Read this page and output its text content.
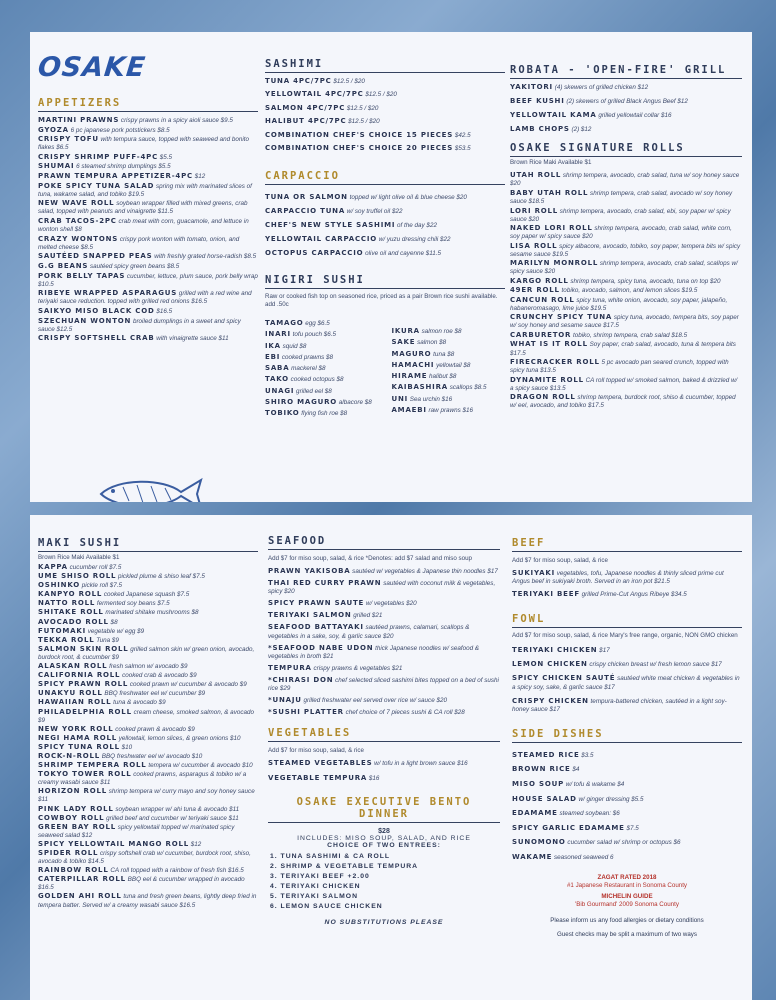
OSAKE
APPETIZERS
MARTINI PRAWNS crispy prawns in a spicy aioli sauce $9.5
GYOZA 6 pc japanese pork potstickers $8.5
CRISPY TOFU with tempura sauce, topped with seaweed and bonito flakes $6.5
CRISPY SHRIMP PUFF-4PC $5.5
SHUMAI 6 steamed shrimp dumplings $5.5
PRAWN TEMPURA APPETIZER-4PC $12
POKE SPICY TUNA SALAD spring mix with marinated slices of tuna, wakame salad, and tobiko $19.5
NEW WAVE ROLL soybean wrapper filled with mixed greens, crab salad, topped with peanuts and vinaigrette $11.5
CRAB TACOS-2PC crab meat with corn, guacamole, and lettuce in wonton shell $8
CRAZY WONTONS crispy pork wonton with tomato, onion, and melted cheese $8.5
SAUTÉED SNAPPED PEAS with freshly grated horse-radish $8.5
G.G BEANS sautéed spicy green beans $8.5
PORK BELLY TAPAS cucumber, lettuce, plum sauce, pork belly wrap $10.5
RIBEYE WRAPPED ASPARAGUS grilled with a red wine and teriyaki sauce reduction. topped with grilled red onions $16.5
SAIKYO MISO BLACK COD $16.5
SZECHUAN WONTON broiled dumplings in a sweet and spicy sauce $12.5
CRISPY SOFTSHELL CRAB with vinaigrette sauce $11
SASHIMI
TUNA 4PC/7PC $12.5 / $20
YELLOWTAIL 4PC/7PC $12.5 / $20
SALMON 4PC/7PC $12.5 / $20
HALIBUT 4PC/7PC $12.5 / $20
COMBINATION CHEF'S CHOICE 15 PIECES $42.5
COMBINATION CHEF'S CHOICE 20 PIECES $53.5
CARPACCIO
TUNA OR SALMON topped w/ light olive oil & blue cheese $20
CARPACCIO TUNA w/ soy truffel oil $22
CHEF'S NEW STYLE SASHIMI of the day $22
YELLOWTAIL CARPACCIO w/ yuzu dressing chili $22
OCTOPUS CARPACCIO olive oil and cayenne $11.5
NIGIRI SUSHI
Raw or cooked fish top on seasoned rice, priced as a pair Brown rice sushi available. add .50c
TAMAGO egg $6.5
INARI tofu pouch $6.5
IKA squid $8
EBI cooked prawns $8
SABA mackerel $8
TAKO cooked octopus $8
UNAGI grilled eel $8
SHIRO MAGURO albacore $8
TOBIKO flying fish roe $8
IKURA salmon roe $8
SAKE salmon $8
MAGURO tuna $8
HAMACHI yellowtail $8
HIRAME halibut $8
KAIBASHIRA scallops $8.5
UNI Sea urchin $16
AMAEBI raw prawns $16
ROBATA - 'OPEN-FIRE' GRILL
YAKITORI (4) skewers of grilled chicken $12
BEEF KUSHI (2) skewers of grilled Black Angus Beef $12
YELLOWTAIL KAMA grilled yellowtail collar $16
LAMB CHOPS (2) $12
OSAKE SIGNATURE ROLLS
Brown Rice Maki Available $1
UTAH ROLL shrimp tempera, avocado, crab salad, tuna w/ soy honey sauce $20
BABY UTAH ROLL shrimp tempera, crab salad, avocado w/ soy honey sauce $18.5
LORI ROLL shrimp tempera, avocado, crab salad, ebi, soy paper w/ spicy sauce $20
NAKED LORI ROLL shrimp tempera, avocado, crab salad, white corn, soy paper w/ spicy sauce $20
LISA ROLL spicy albacore, avocado, tobiko, soy paper, tempera bits w/ spicy sesame sauce $19.5
MARILYN MONROLL shrimp tempera, avocado, crab salad, scallops w/ spicy sauce $20
KARGO ROLL shrimp tempera, spicy tuna, avocado, tuna on top $20
49ER ROLL tobiko, avocado, salmon, and lemon slices $19.5
CANCUN ROLL spicy tuna, white onion, avocado, soy paper, jalapeño, habaneromasago, lime juice $19.5
CRUNCHY SPICY TUNA spicy tuna, avocado, tempera bits, soy paper w/ soy honey and sesame sauce $17.5
CARBURETOR tobiko, shrimp tempera, crab salad $18.5
WHAT IS IT ROLL Soy paper, crab salad, avocado, tuna & tempera bits $17.5
FIRECRACKER ROLL 5 pc avocado pan seared crunch, topped with spicy tuna $13.5
DYNAMITE ROLL CA roll topped w/ smoked salmon, baked & drizzled w/ a spicy sauce $13.5
DRAGON ROLL shrimp tempera, burdock root, shiso & cucumber, topped w/ eel, avocado, and tobiko $17.5
MAKI SUSHI
Brown Rice Maki Available $1
KAPPA cucumber roll $7.5
UME SHISO ROLL pickled plume & shiso leaf $7.5
OSHINKO pickle roll $7.5
KANPYO ROLL cooked Japanese squash $7.5
NATTO ROLL fermented soy beans $7.5
SHITAKE ROLL marinated shitake mushrooms $8
AVOCADO ROLL $8
FUTOMAKI vegetable w/ egg $9
TEKKA ROLL Tuna $9
SALMON SKIN ROLL grilled salmon skin w/ green onion, avocado, burdock root, & cucumber $9
ALASKAN ROLL fresh salmon w/ avocado $9
CALIFORNIA ROLL cooked crab & avocado $9
SPICY PRAWN ROLL cooked prawn w/ cucumber & avocado $9
UNAKYU ROLL BBQ freshwater eel w/ cucumber $9
HAWAIIAN ROLL tuna & avocado $9
PHILADELPHIA ROLL cream cheese, smoked salmon, & avocado $9
NEW YORK ROLL cooked prawn & avocado $9
NEGI HAMA ROLL yellowtail, lemon slices, & green onions $10
SPICY TUNA ROLL $10
ROCK-N-ROLL BBQ freshwater eel w/ avocado $10
SHRIMP TEMPERA ROLL tempera w/ cucumber & avocado $10
TOKYO TOWER ROLL cooked prawns, asparagus & tobiko w/ a creamy wasabi sauce $11
HORIZON ROLL shrimp tempera w/ curry mayo and soy honey sauce $11
PINK LADY ROLL soybean wrapper w/ ahi tuna & avocado $11
COWBOY ROLL grilled beef and cucumber w/ teriyaki sauce $11
GREEN BAY ROLL spicy yellowtail topped w/ marinated spicy seaweed salad $12
SPICY YELLOWTAIL MANGO ROLL $12
SPIDER ROLL crispy softshell crab w/ cucumber, burdock root, shiso, avocado & tobiko $14.5
RAINBOW ROLL CA roll topped with a rainbow of fresh fish $16.5
CATERPILLAR ROLL BBQ eel & cucumber wrapped in avocado $16.5
GOLDEN AHI ROLL tuna and fresh green beans, lightly deep fried in tempera batter. Served w/ a creamy wasabi sauce $16.5
SEAFOOD
Add $7 for miso soup, salad, & rice *Denotes: add $7 salad and miso soup
PRAWN YAKISOBA sautéed w/ vegetables & Japanese thin noodles $17
THAI RED CURRY PRAWN sautéed with coconut milk & vegetables, spicy $20
SPICY PRAWN SAUTE w/ vegetables $20
TERIYAKI SALMON grilled $21
SEAFOOD BATTAYAKI sautéed prawns, calamari, scallops & vegetables in a sake, soy, & garlic sauce $20
*SEAFOOD NABE UDON thick Japanese noodles w/ seafood & vegetables in broth $21
TEMPURA crispy prawns & vegetables $21
*CHIRASI DON chef selected sliced sashimi bites topped on a bed of sushi rice $29
*UNAJU grilled freshwater eel served over rice w/ sauce $20
*SUSHI PLATTER chef choice of 7 pieces sushi & CA roll $28
VEGETABLES
Add $7 for miso soup, salad, & rice
STEAMED VEGETABLES w/ tofu in a light brown sauce $16
VEGETABLE TEMPURA $16
OSAKE EXECUTIVE BENTO DINNER
$28
INCLUDES: MISO SOUP, SALAD, AND RICE
CHOICE OF TWO ENTREES:
1. TUNA SASHIMI & CA ROLL
2. SHRIMP & VEGETABLE TEMPURA
3. TERIYAKI BEEF +2.00
4. TERIYAKI CHICKEN
5. TERIYAKI SALMON
6. LEMON SAUCE CHICKEN
NO SUBSTITUTIONS PLEASE
BEEF
Add $7 for miso soup, salad, & rice
SUKIYAKI vegetables, tofu, Japanese noodles & thinly sliced prime cut Angus beef in sukiyaki broth. Served in an iron pot $21.5
TERIYAKI BEEF grilled Prime-Cut Angus Ribeye $34.5
FOWL
Add $7 for miso soup, salad, & rice Mary's free range, organic, NON GMO chicken
TERIYAKI CHICKEN $17
LEMON CHICKEN crispy chicken breast w/ fresh lemon sauce $17
SPICY CHICKEN SAUTÉ sautéed white meat chicken & vegetables in a spicy soy, sake, & garlic sauce $17
CRISPY CHICKEN tempura-battered chicken, sautéed in a light soy-honey sauce $17
SIDE DISHES
STEAMED RICE $3.5
BROWN RICE $4
MISO SOUP w/ tofu & wakame $4
HOUSE SALAD w/ ginger dressing $5.5
EDAMAME steamed soybean: $6
SPICY GARLIC EDAMAME $7.5
SUNOMONO cucumber salad w/ shrimp or octopus $6
WAKAME seasoned seaweed 6
ZAGAT RATED 2018
#1 Japanese Restaurant in Sonoma County
MICHELIN GUIDE
'Bib Gourmand' 2009 Sonoma County
Please inform us any food allergies or dietary conditions
Guest checks may be split a maximum of two ways
